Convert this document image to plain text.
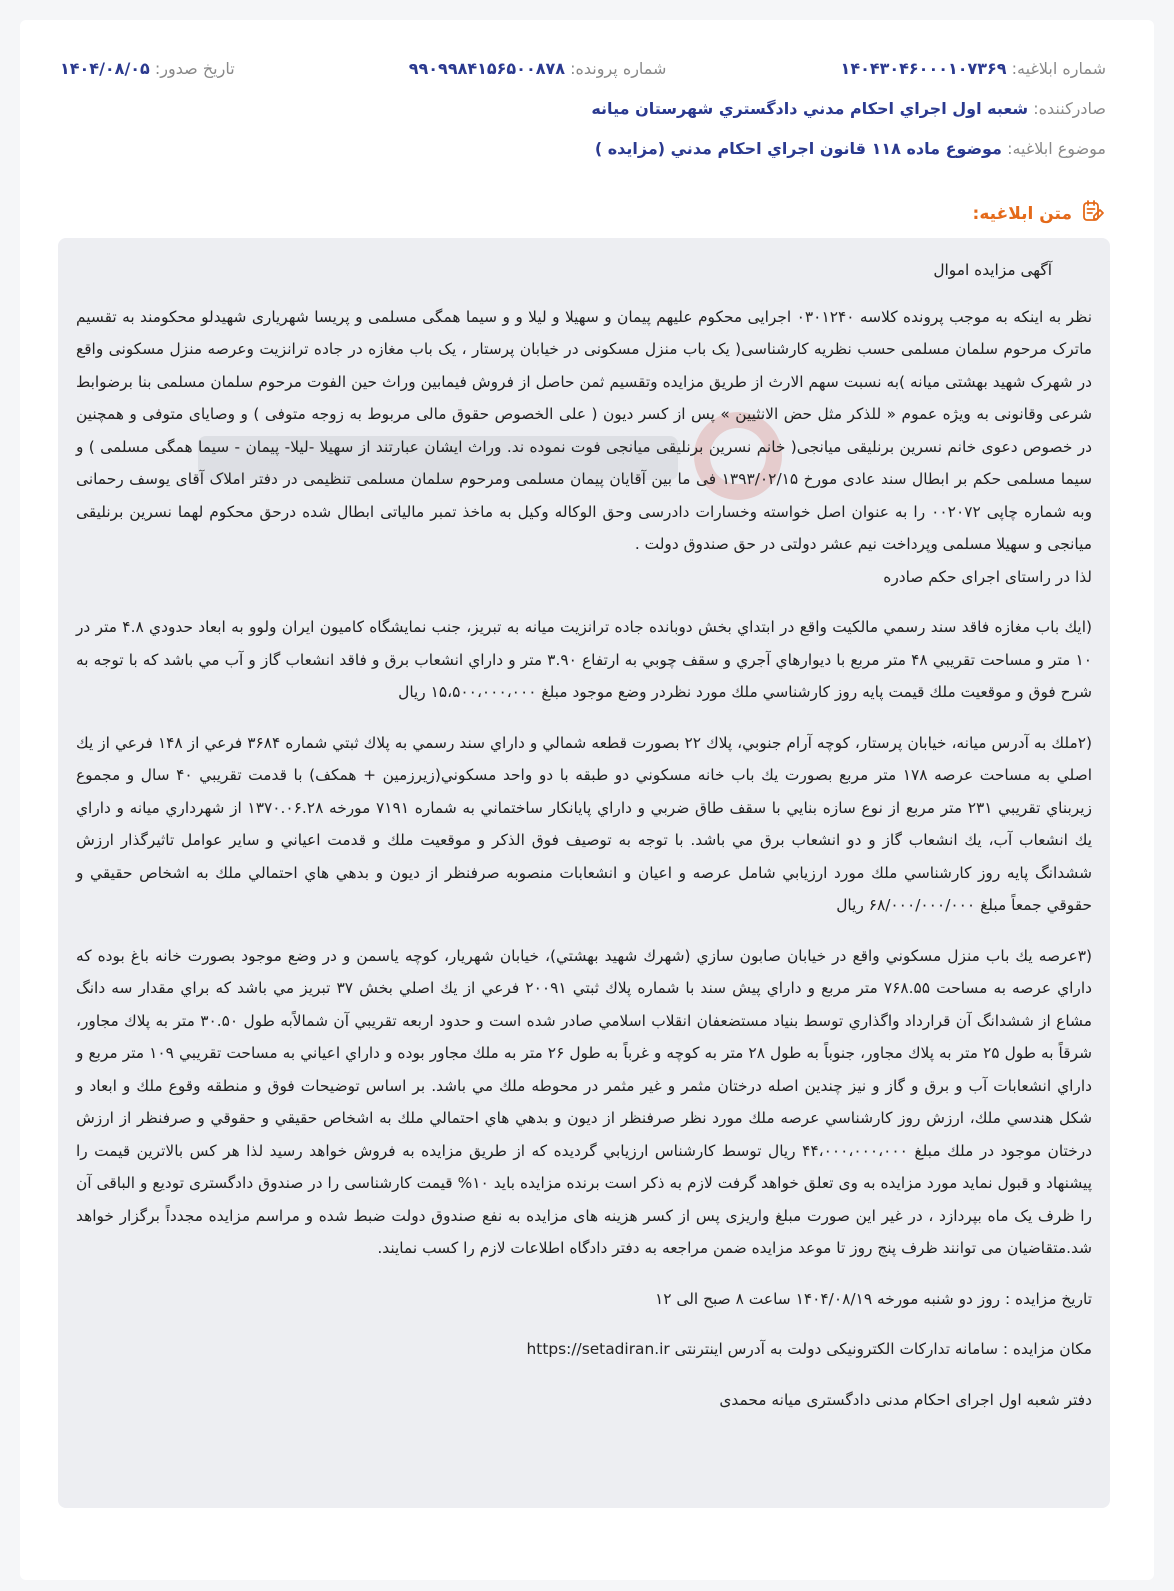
شماره ابلاغیه: ۱۴۰۴۳۰۴۶۰۰۰۱۰۷۳۶۹
شماره پرونده: ۹۹۰۹۹۸۴۱۵۶۵۰۰۸۷۸
تاریخ صدور: ۱۴۰۴/۰۸/۰۵
صادرکننده: شعبه اول اجراي احكام مدني دادگستري شهرستان ميانه
موضوع ابلاغیه: موضوع ماده ۱۱۸ قانون اجراي احكام مدني (مزايده )
متن ابلاغیه:

آگهی مزایده اموال

نظر به اینکه به موجب پرونده کلاسه ۰۳۰۱۲۴۰ اجرایی محکوم علیهم پیمان و سهیلا و لیلا و و سیما همگی مسلمی و پریسا شهریاری شهیدلو محکومند به تقسیم ماترک مرحوم سلمان مسلمی حسب نظریه کارشناسی( یک باب منزل مسکونی در خیابان پرستار ، یک باب مغازه در جاده ترانزیت وعرصه منزل مسکونی واقع در شهرک شهید بهشتی میانه )به نسبت سهم الارث از طریق مزایده وتقسیم ثمن حاصل از فروش فیمابین وراث حین الفوت مرحوم سلمان مسلمی بنا برضوابط شرعی وقانونی به ویژه عموم « للذکر مثل حض الانثیین » پس از کسر دیون ( علی الخصوص حقوق مالی مربوط به زوجه متوفی ) و وصایای متوفی و همچنین در خصوص دعوی خانم نسرین برنلیقی میانجی( خانم نسرین برنلیقی میانجی فوت نموده ند. وراث ایشان عبارتند از سهیلا -لیلا- پیمان - سیما همگی مسلمی ) و سیما مسلمی حکم بر ابطال سند عادی مورخ ۱۳۹۳/۰۲/۱۵ فی ما بین آقایان پیمان مسلمی ومرحوم سلمان مسلمی تنظیمی در دفتر املاک آقای یوسف رحمانی وبه شماره چاپی ۰۰۲۰۷۲ را به عنوان اصل خواسته وخسارات دادرسی وحق الوکاله وکیل به ماخذ تمبر مالیاتی ابطال شده درحق محکوم لهما نسرین برنلیقی میانجی و سهیلا مسلمی وپرداخت نیم عشر دولتی در حق صندوق دولت .

لذا در راستای اجرای حکم صادره

(ایك باب مغازه فاقد سند رسمي مالكيت واقع در ابتداي بخش دوبانده جاده ترانزيت ميانه به تبريز، جنب نمايشگاه كاميون ايران ولوو به ابعاد حدودي ۴.۸ متر در ۱۰ متر و مساحت تقريبي ۴۸ متر مربع با ديوارهاي آجري و سقف چوبي به ارتفاع ۳.۹۰ متر و داراي انشعاب برق و فاقد انشعاب گاز و آب مي باشد كه با توجه به شرح فوق و موقعيت ملك قيمت پايه روز كارشناسي ملك مورد نظردر وضع موجود مبلغ ۱۵،۵۰۰،۰۰۰،۰۰۰ ريال

(۲ملك به آدرس ميانه، خيابان پرستار، كوچه آرام جنوبي، پلاك ۲۲ بصورت قطعه شمالي و داراي سند رسمي به پلاك ثبتي شماره ۳۶۸۴ فرعي از ۱۴۸ فرعي از يك اصلي به مساحت عرصه ۱۷۸ متر مربع بصورت يك باب خانه مسكوني دو طبقه با دو واحد مسكوني(زيرزمين + همكف) با قدمت تقريبي ۴۰ سال و مجموع زيربناي تقريبي ۲۳۱ متر مربع از نوع سازه بنايي با سقف طاق ضربي و داراي پايانكار ساختماني به شماره ۷۱۹۱ مورخه ۱۳۷۰.۰۶.۲۸ از شهرداري ميانه و داراي يك انشعاب آب، يك انشعاب گاز و دو انشعاب برق مي باشد. با توجه به توصيف فوق الذكر و موقعيت ملك و قدمت اعياني و ساير عوامل تاثيرگذار ارزش ششدانگ پايه روز كارشناسي ملك مورد ارزيابي شامل عرصه و اعيان و انشعابات منصوبه صرفنظر از ديون و بدهي هاي احتمالي ملك به اشخاص حقيقي و حقوقي جمعاً مبلغ ۶۸/۰۰۰/۰۰۰/۰۰۰ ريال

(۳عرصه يك باب منزل مسكوني واقع در خيابان صابون سازي (شهرك شهيد بهشتي)، خيابان شهريار، كوچه ياسمن و در وضع موجود بصورت خانه باغ بوده كه داراي عرصه به مساحت ۷۶۸.۵۵ متر مربع و داراي پيش سند با شماره پلاك ثبتي ۲۰۰۹۱ فرعي از يك اصلي بخش ۳۷ تبريز مي باشد كه براي مقدار سه دانگ مشاع از ششدانگ آن قرارداد واگذاري توسط بنياد مستضعفان انقلاب اسلامي صادر شده است و حدود اربعه تقريبي آن شمالاًبه طول ۳۰.۵۰ متر به پلاك مجاور، شرقاً به طول ۲۵ متر به پلاك مجاور، جنوباً به طول ۲۸ متر به كوچه و غرباً به طول ۲۶ متر به ملك مجاور بوده و داراي اعياني به مساحت تقريبي ۱۰۹ متر مربع و داراي انشعابات آب و برق و گاز و نيز چندين اصله درختان مثمر و غير مثمر در محوطه ملك مي باشد. بر اساس توضيحات فوق و منطقه وقوع ملك و ابعاد و شكل هندسي ملك، ارزش روز كارشناسي عرصه ملك مورد نظر صرفنظر از ديون و بدهي هاي احتمالي ملك به اشخاص حقيقي و حقوقي و صرفنظر از ارزش درختان موجود در ملك مبلغ ۴۴،۰۰۰،۰۰۰،۰۰۰ ريال توسط كارشناس ارزيابي گرديده كه از طريق مزايده به فروش خواهد رسید لذا هر کس بالاترین قیمت را پیشنهاد و قبول نماید مورد مزایده به وی تعلق خواهد گرفت لازم به ذکر است برنده مزایده باید ۱۰% قیمت کارشناسی را در صندوق دادگستری تودیع و الباقی آن را ظرف یک ماه بپردازد ، در غیر این صورت مبلغ واریزی پس از کسر هزینه های مزایده به نفع صندوق دولت ضبط شده و مراسم مزایده مجدداً برگزار خواهد شد.متقاضیان می توانند ظرف پنج روز تا موعد مزایده ضمن مراجعه به دفتر دادگاه اطلاعات لازم را کسب نمایند.

تاریخ مزایده : روز دو شنبه مورخه ۱۴۰۴/۰۸/۱۹ ساعت ۸ صبح الی ۱۲

مکان مزایده : سامانه تدارکات الکترونیکی دولت به آدرس اینترنتی https://setadiran.ir

دفتر شعبه اول اجرای احکام مدنی دادگستری میانه محمدی
